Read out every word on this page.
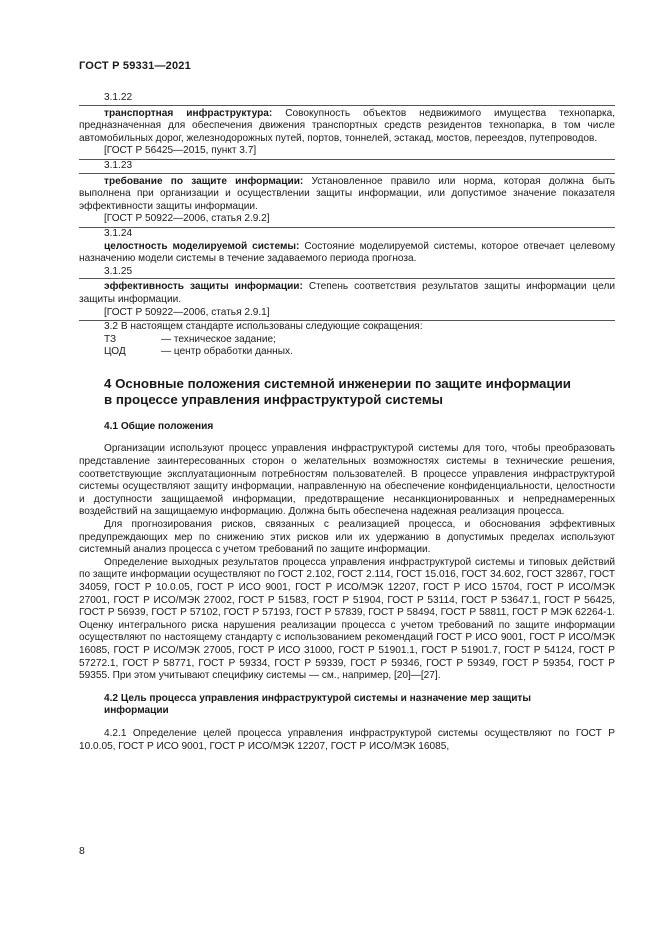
ГОСТ Р 59331—2021
3.1.22

транспортная инфраструктура: Совокупность объектов недвижимого имущества технопарка, предназначенная для обеспечения движения транспортных средств резидентов технопарка, в том числе автомобильных дорог, железнодорожных путей, портов, тоннелей, эстакад, мостов, переездов, путепроводов.

[ГОСТ Р 56425—2015, пункт 3.7]
3.1.23

требование по защите информации: Установленное правило или норма, которая должна быть выполнена при организации и осуществлении защиты информации, или допустимое значение показателя эффективности защиты информации.

[ГОСТ Р 50922—2006, статья 2.9.2]
3.1.24

целостность моделируемой системы: Состояние моделируемой системы, которое отвечает целевому назначению модели системы в течение задаваемого периода прогноза.

3.1.25

эффективность защиты информации: Степень соответствия результатов защиты информации цели защиты информации.

[ГОСТ Р 50922—2006, статья 2.9.1]
3.2 В настоящем стандарте использованы следующие сокращения:
ТЗ	— техническое задание;
ЦОД	— центр обработки данных.
4 Основные положения системной инженерии по защите информации
в процессе управления инфраструктурой системы
4.1 Общие положения

Организации используют процесс управления инфраструктурой системы для того, чтобы преобразовать представление заинтересованных сторон о желательных возможностях системы в технические решения, соответствующие эксплуатационным потребностям пользователей. В процессе управления инфраструктурой системы осуществляют защиту информации, направленную на обеспечение конфиденциальности, целостности и доступности защищаемой информации, предотвращение несанкционированных и непреднамеренных воздействий на защищаемую информацию. Должна быть обеспечена надежная реализация процесса.

Для прогнозирования рисков, связанных с реализацией процесса, и обоснования эффективных предупреждающих мер по снижению этих рисков или их удержанию в допустимых пределах используют системный анализ процесса с учетом требований по защите информации.

Определение выходных результатов процесса управления инфраструктурой системы и типовых действий по защите информации осуществляют по ГОСТ 2.102, ГОСТ 2.114, ГОСТ 15.016, ГОСТ 34.602, ГОСТ 32867, ГОСТ 34059, ГОСТ Р 10.0.05, ГОСТ Р ИСО 9001, ГОСТ Р ИСО/МЭК 12207, ГОСТ Р ИСО 15704, ГОСТ Р ИСО/МЭК 27001, ГОСТ Р ИСО/МЭК 27002, ГОСТ Р 51583, ГОСТ Р 51904, ГОСТ Р 53114, ГОСТ Р 53647.1, ГОСТ Р 56425, ГОСТ Р 56939, ГОСТ Р 57102, ГОСТ Р 57193, ГОСТ Р 57839, ГОСТ Р 58494, ГОСТ Р 58811, ГОСТ Р МЭК 62264-1. Оценку интегрального риска нарушения реализации процесса с учетом требований по защите информации осуществляют по настоящему стандарту с использованием рекомендаций ГОСТ Р ИСО 9001, ГОСТ Р ИСО/МЭК 16085, ГОСТ Р ИСО/МЭК 27005, ГОСТ Р ИСО 31000, ГОСТ Р 51901.1, ГОСТ Р 51901.7, ГОСТ Р 54124, ГОСТ Р 57272.1, ГОСТ Р 58771, ГОСТ Р 59334, ГОСТ Р 59339, ГОСТ Р 59346, ГОСТ Р 59349, ГОСТ Р 59354, ГОСТ Р 59355. При этом учитывают специфику системы — см., например, [20]—[27].

4.2 Цель процесса управления инфраструктурой системы и назначение мер защиты
информации

4.2.1 Определение целей процесса управления инфраструктурой системы осуществляют по ГОСТ Р 10.0.05, ГОСТ Р ИСО 9001, ГОСТ Р ИСО/МЭК 12207, ГОСТ Р ИСО/МЭК 16085,

8
